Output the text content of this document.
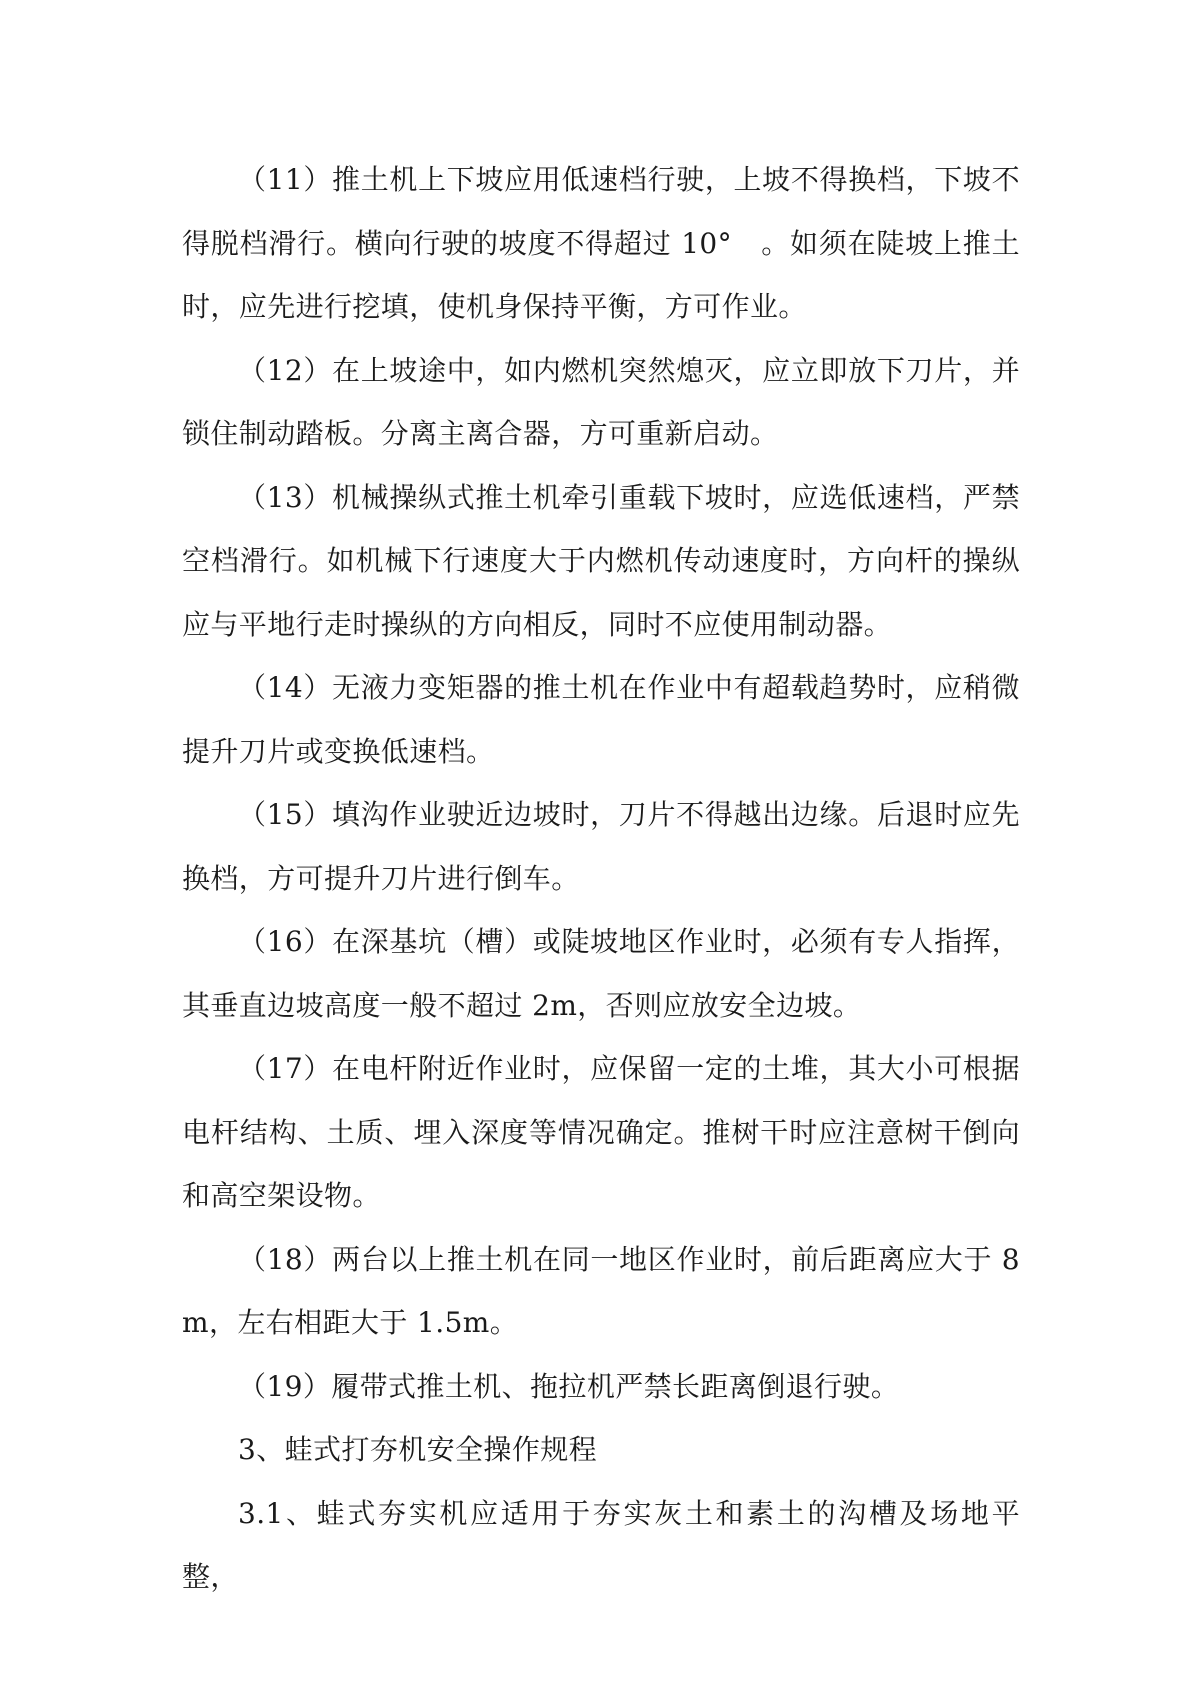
（11）推土机上下坡应用低速档行驶，上坡不得换档，下坡不得脱档滑行。横向行驶的坡度不得超过 10°　。如须在陡坡上推土时，应先进行挖填，使机身保持平衡，方可作业。

（12）在上坡途中，如内燃机突然熄灭，应立即放下刀片，并锁住制动踏板。分离主离合器，方可重新启动。

（13）机械操纵式推土机牵引重载下坡时，应选低速档，严禁空档滑行。如机械下行速度大于内燃机传动速度时，方向杆的操纵应与平地行走时操纵的方向相反，同时不应使用制动器。

（14）无液力变矩器的推土机在作业中有超载趋势时，应稍微提升刀片或变换低速档。

（15）填沟作业驶近边坡时，刀片不得越出边缘。后退时应先换档，方可提升刀片进行倒车。

（16）在深基坑（槽）或陡坡地区作业时，必须有专人指挥，其垂直边坡高度一般不超过 2m，否则应放安全边坡。

（17）在电杆附近作业时，应保留一定的土堆，其大小可根据电杆结构、土质、埋入深度等情况确定。推树干时应注意树干倒向和高空架设物。

（18）两台以上推土机在同一地区作业时，前后距离应大于 8m，左右相距大于 1.5m。

（19）履带式推土机、拖拉机严禁长距离倒退行驶。

3、蛙式打夯机安全操作规程

3.1、蛙式夯实机应适用于夯实灰土和素土的沟槽及场地平整，
